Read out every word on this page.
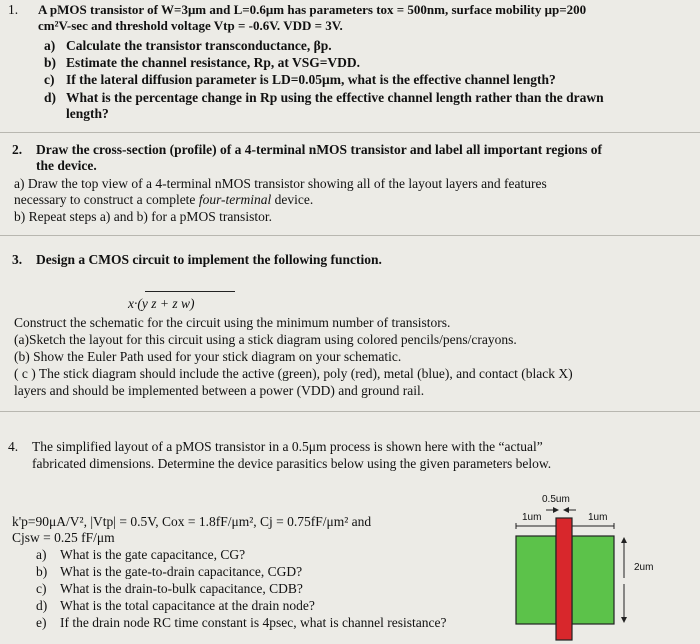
1. A pMOS transistor of W=3μm and L=0.6μm has parameters tox = 500nm, surface mobility μp=200
cm²V-sec and threshold voltage Vtp = -0.6V. VDD = 3V.
a) Calculate the transistor transconductance, βp.
b) Estimate the channel resistance, Rp, at VSG=VDD.
c) If the lateral diffusion parameter is LD=0.05μm, what is the effective channel length?
d) What is the percentage change in Rp using the effective channel length rather than the drawn
length?
2. Draw the cross-section (profile) of a 4-terminal nMOS transistor and label all important regions of
the device.
a) Draw the top view of a 4-terminal nMOS transistor showing all of the layout layers and features
necessary to construct a complete four-terminal device.
b) Repeat steps a) and b) for a pMOS transistor.
3. Design a CMOS circuit to implement the following function.
x·(y z + z w)
Construct the schematic for the circuit using the minimum number of transistors.
(a)Sketch the layout for this circuit using a stick diagram using colored pencils/pens/crayons.
(b) Show the Euler Path used for your stick diagram on your schematic.
( c ) The stick diagram should include the active (green), poly (red), metal (blue), and contact (black X)
layers and should be implemented between a power (VDD) and ground rail.
4. The simplified layout of a pMOS transistor in a 0.5μm process is shown here with the “actual”
fabricated dimensions. Determine the device parasitics below using the given parameters below.
k'p=90μA/V², |Vtp| = 0.5V, Cox = 1.8fF/μm², Cj = 0.75fF/μm² and
Cjsw = 0.25 fF/μm
a) What is the gate capacitance, CG?
b) What is the gate-to-drain capacitance, CGD?
c) What is the drain-to-bulk capacitance, CDB?
d) What is the total capacitance at the drain node?
e) If the drain node RC time constant is 4psec, what is channel resistance?
0.5um
1um	1um
2um
